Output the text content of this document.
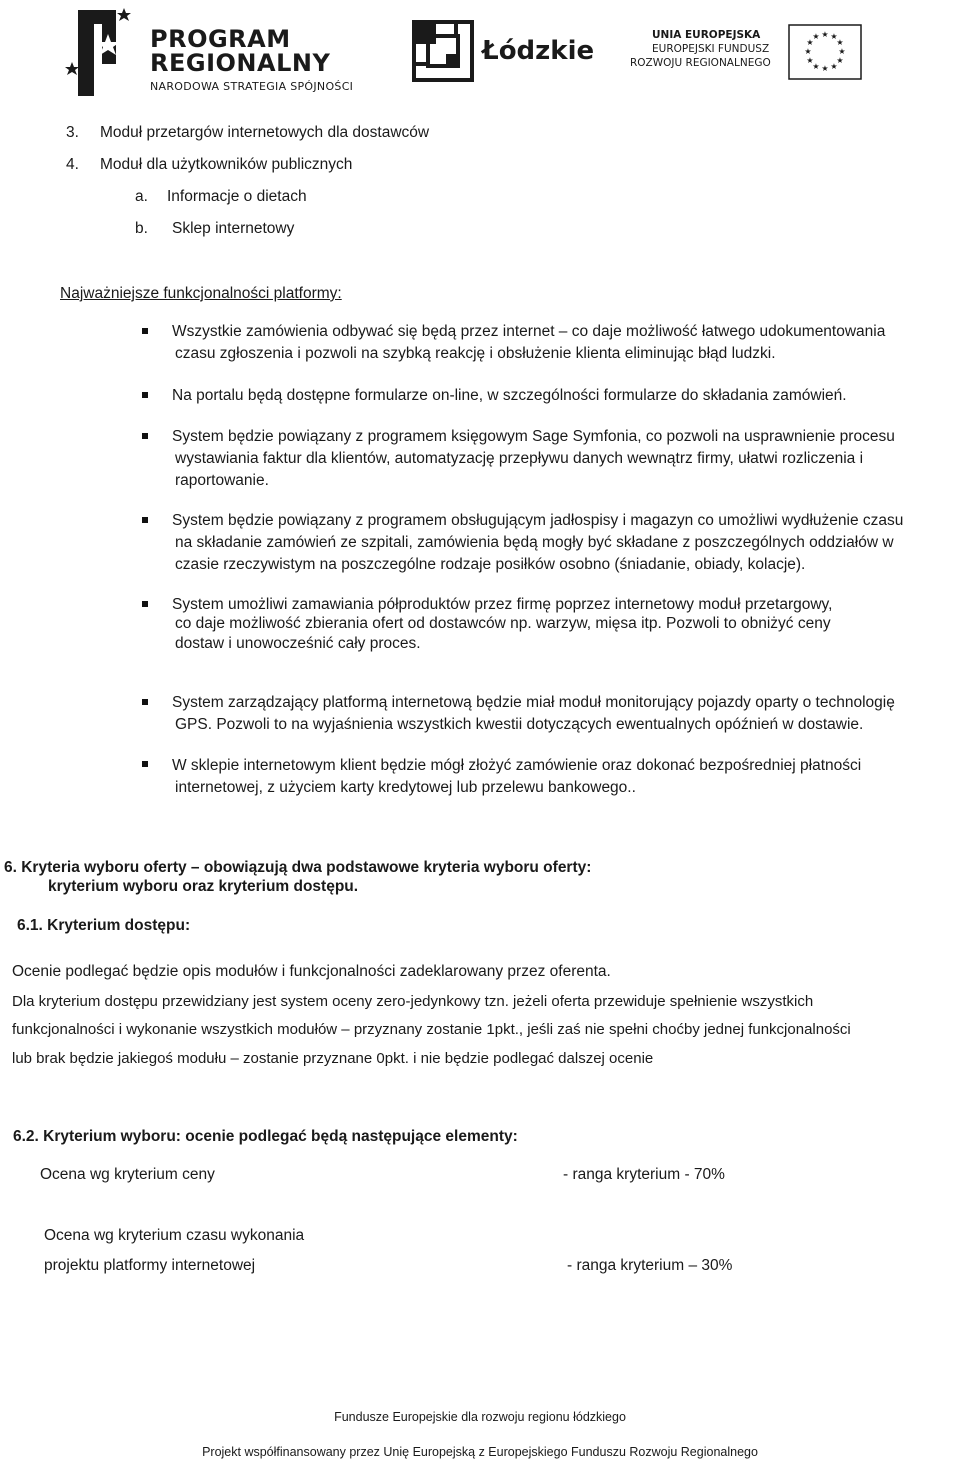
PROGRAM
REGIONALNY
NARODOWA STRATEGIA SPÓJNOŚCI
Łódzkie
UNIA EUROPEJSKA
EUROPEJSKI FUNDUSZ
ROZWOJU REGIONALNEGO
★ ★
★
★
★
★
★
★
★
★
★
★
3. Moduł przetargów internetowych dla dostawców
4. Moduł dla użytkowników publicznych
a. Informacje o dietach
b. Sklep internetowy
Najważniejsze funkcjonalności platformy:
Wszystkie zamówienia odbywać się będą przez internet – co daje możliwość łatwego udokumentowania
czasu zgłoszenia i pozwoli na szybką reakcję i obsłużenie klienta eliminując błąd ludzki.
Na portalu będą dostępne formularze on-line, w szczególności formularze do składania zamówień.
System będzie powiązany z programem księgowym Sage Symfonia, co pozwoli na usprawnienie procesu
wystawiania faktur dla klientów, automatyzację przepływu danych wewnątrz firmy, ułatwi rozliczenia i
raportowanie.
System będzie powiązany z programem obsługującym jadłospisy i magazyn co umożliwi wydłużenie czasu
na składanie zamówień ze szpitali, zamówienia będą mogły być składane z poszczególnych oddziałów w
czasie rzeczywistym na poszczególne rodzaje posiłków osobno (śniadanie, obiady, kolacje).
System umożliwi zamawiania półproduktów przez firmę poprzez internetowy moduł przetargowy,
co daje możliwość zbierania ofert od dostawców np. warzyw, mięsa itp. Pozwoli to obniżyć ceny
dostaw i unowocześnić cały proces.
System zarządzający platformą internetową będzie miał moduł monitorujący pojazdy oparty o technologię
GPS. Pozwoli to na wyjaśnienia wszystkich kwestii dotyczących ewentualnych opóźnień w dostawie.
W sklepie internetowym klient będzie mógł złożyć zamówienie oraz dokonać bezpośredniej płatności
internetowej, z użyciem karty kredytowej lub przelewu bankowego..
6. Kryteria wyboru oferty – obowiązują dwa podstawowe kryteria wyboru oferty:
kryterium wyboru oraz kryterium dostępu.
6.1. Kryterium dostępu:
Ocenie podlegać będzie opis modułów i funkcjonalności zadeklarowany przez oferenta.
Dla kryterium dostępu przewidziany jest system oceny zero-jedynkowy tzn. jeżeli oferta przewiduje spełnienie wszystkich
funkcjonalności i wykonanie wszystkich modułów – przyznany zostanie 1pkt., jeśli zaś nie spełni choćby jednej funkcjonalności
lub brak będzie jakiegoś modułu – zostanie przyznane 0pkt. i nie będzie podlegać dalszej ocenie
6.2. Kryterium wyboru: ocenie podlegać będą następujące elementy:
Ocena wg kryterium ceny	- ranga kryterium - 70%
Ocena wg kryterium czasu wykonania
projektu platformy internetowej	- ranga kryterium – 30%
Fundusze Europejskie dla rozwoju regionu łódzkiego
Projekt współfinansowany przez Unię Europejską z Europejskiego Funduszu Rozwoju Regionalnego
